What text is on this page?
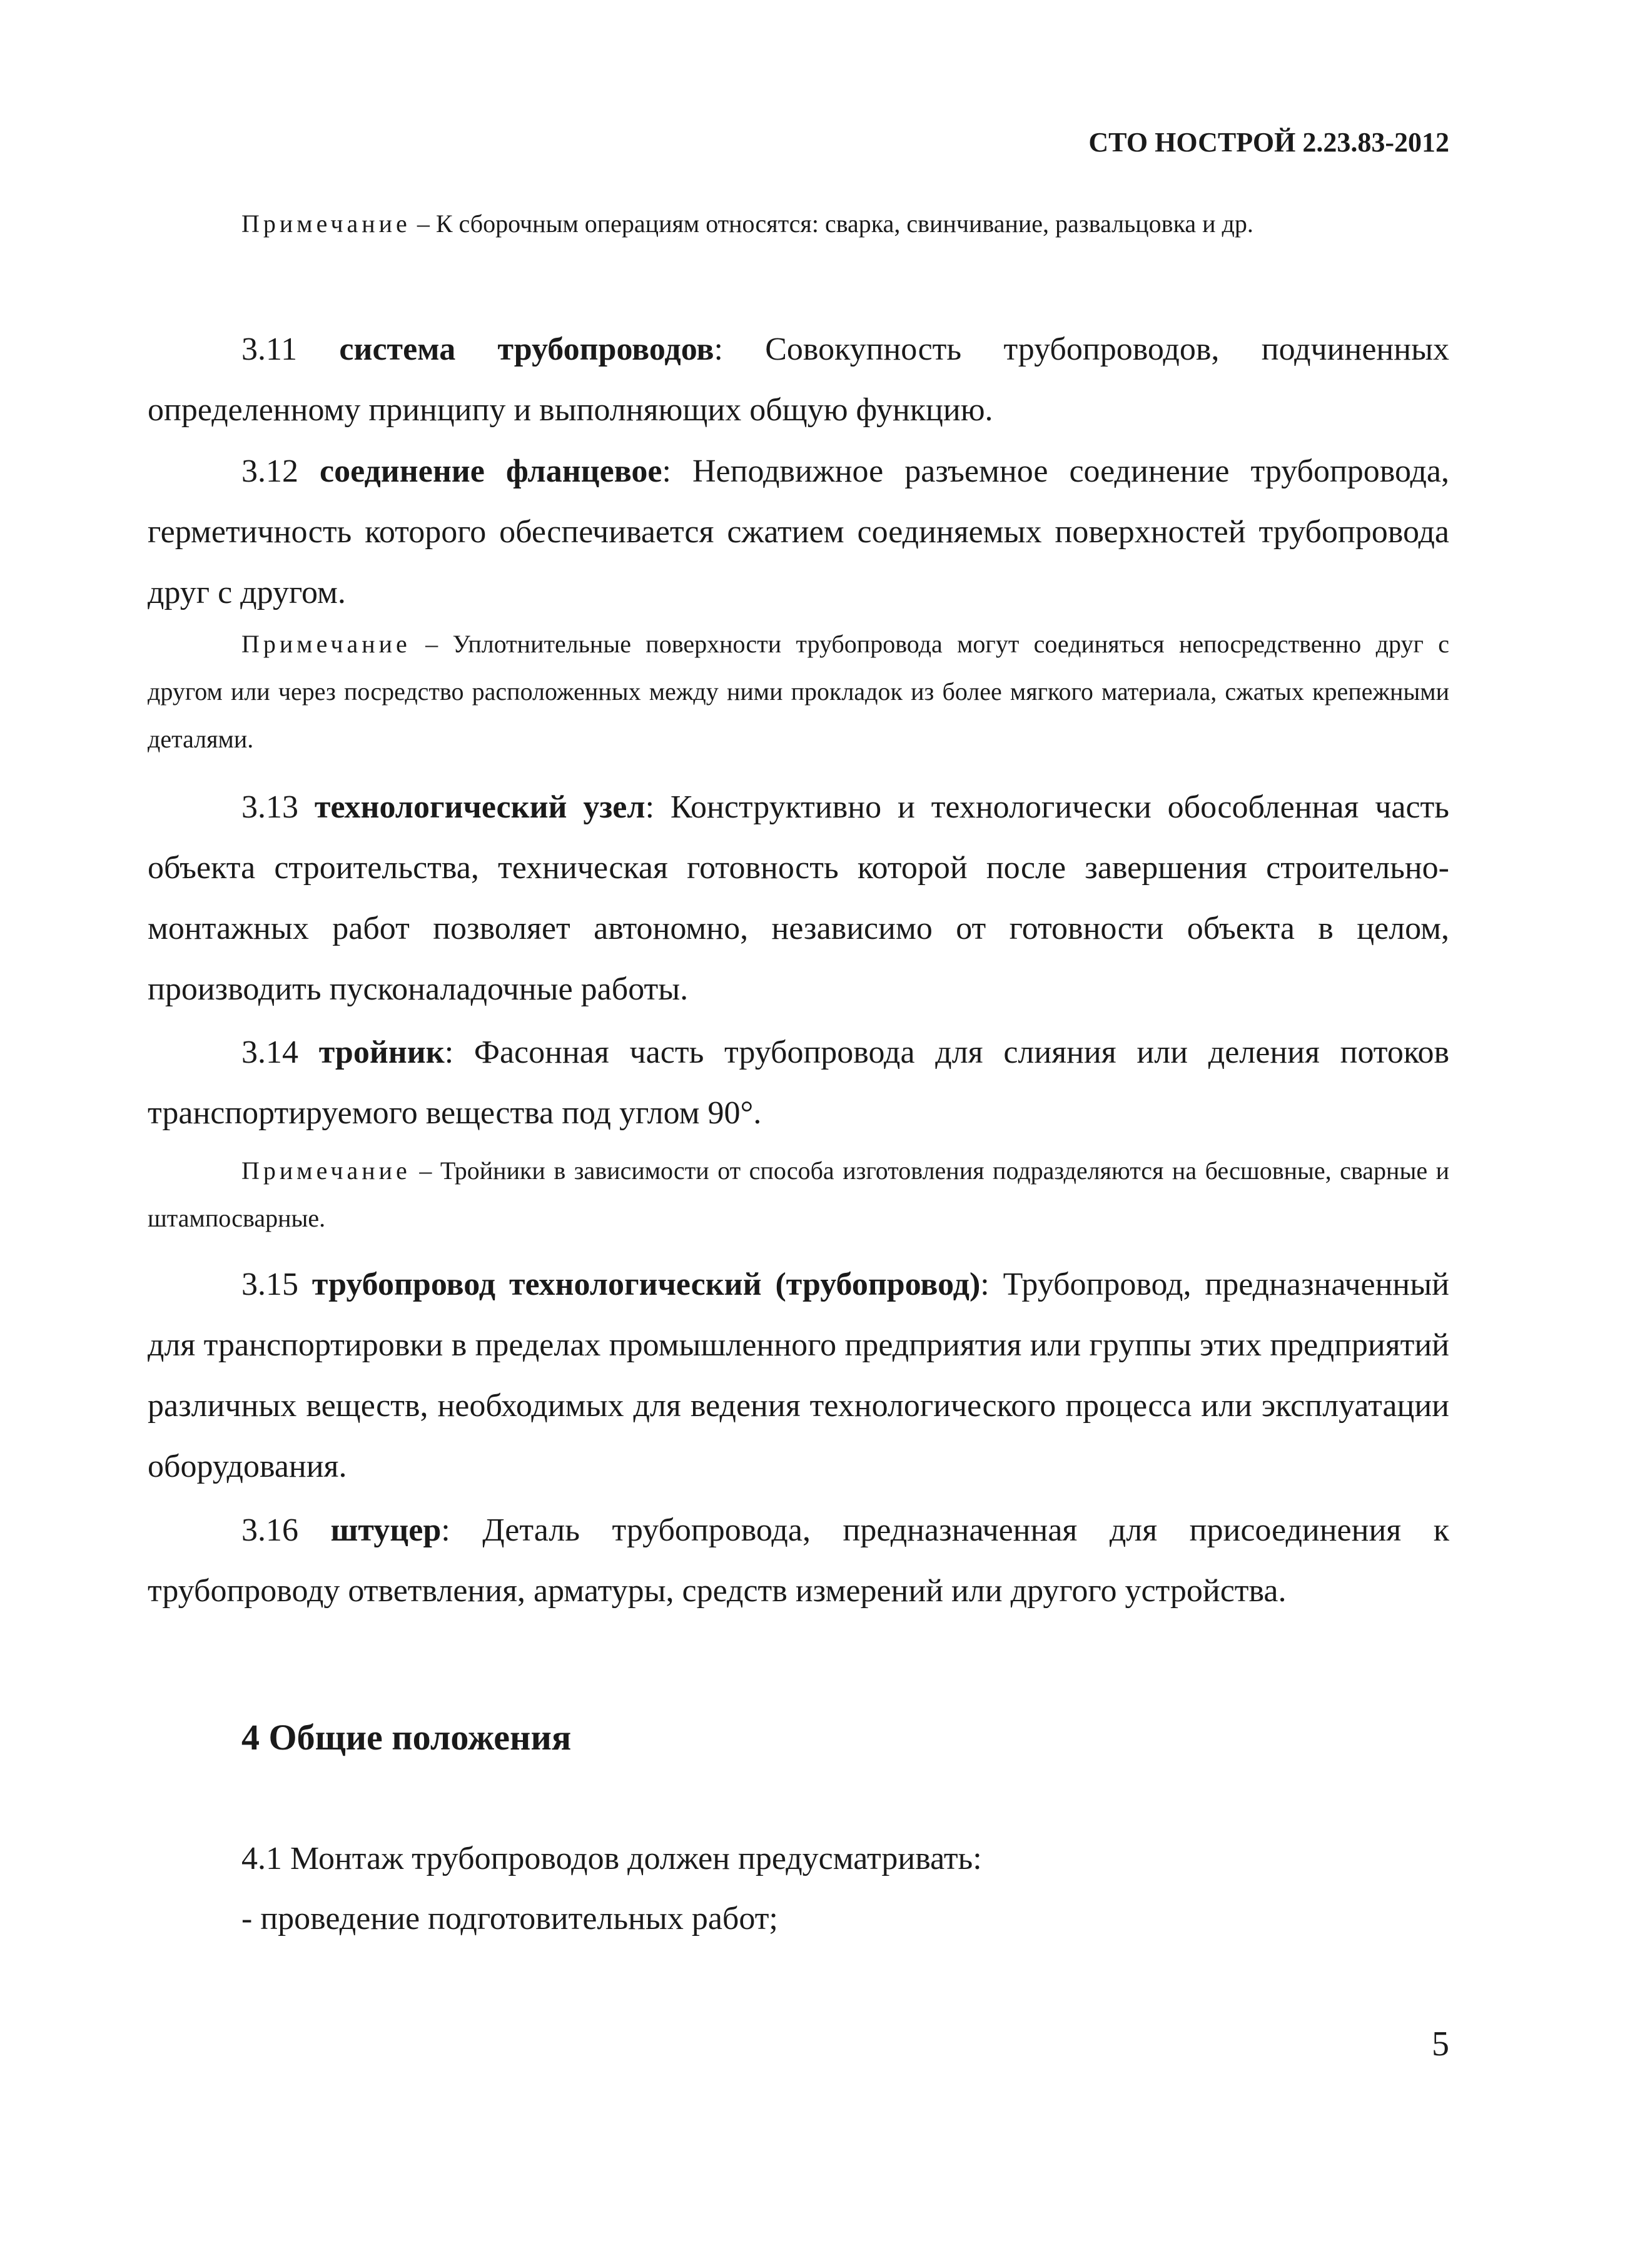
СТО НОСТРОЙ 2.23.83-2012
Примечание – К сборочным операциям относятся: сварка, свинчивание, развальцовка и др.
3.11 система трубопроводов: Совокупность трубопроводов, подчиненных определенному принципу и выполняющих общую функцию.
3.12 соединение фланцевое: Неподвижное разъемное соединение трубопровода, герметичность которого обеспечивается сжатием соединяемых поверхностей трубопровода друг с другом.
Примечание – Уплотнительные поверхности трубопровода могут соединяться непосредственно друг с другом или через посредство расположенных между ними прокладок из более мягкого материала, сжатых крепежными деталями.
3.13 технологический узел: Конструктивно и технологически обособленная часть объекта строительства, техническая готовность которой после завершения строительно-монтажных работ позволяет автономно, независимо от готовности объекта в целом, производить пусконаладочные работы.
3.14 тройник: Фасонная часть трубопровода для слияния или деления потоков транспортируемого вещества под углом 90°.
Примечание – Тройники в зависимости от способа изготовления подразделяются на бесшовные, сварные и штампосварные.
3.15 трубопровод технологический (трубопровод): Трубопровод, предназначенный для транспортировки в пределах промышленного предприятия или группы этих предприятий различных веществ, необходимых для ведения технологического процесса или эксплуатации оборудования.
3.16 штуцер: Деталь трубопровода, предназначенная для присоединения к трубопроводу ответвления, арматуры, средств измерений или другого устройства.
4 Общие положения
4.1 Монтаж трубопроводов должен предусматривать:
- проведение подготовительных работ;
5
